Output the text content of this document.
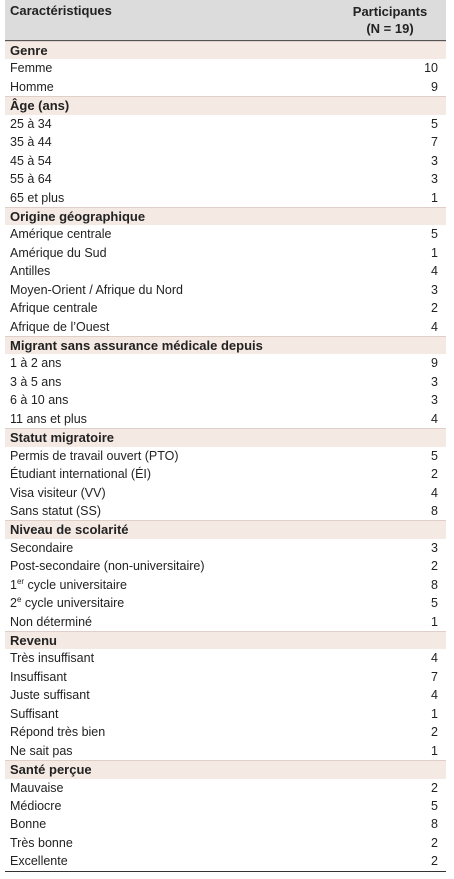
Caractéristiques	Participants
(N = 19)
Genre
Femme	10
Homme	9
Âge (ans)
25 à 34	5
35 à 44	7
45 à 54	3
55 à 64	3
65 et plus	1
Origine géographique
Amérique centrale	5
Amérique du Sud	1
Antilles	4
Moyen-Orient / Afrique du Nord	3
Afrique centrale	2
Afrique de l’Ouest	4
Migrant sans assurance médicale depuis
1 à 2 ans	9
3 à 5 ans	3
6 à 10 ans	3
11 ans et plus	4
Statut migratoire
Permis de travail ouvert (PTO)	5
Étudiant international (ÉI)	2
Visa visiteur (VV)	4
Sans statut (SS)	8
Niveau de scolarité
Secondaire	3
Post-secondaire (non-universitaire)	2
1er cycle universitaire	8
2e cycle universitaire	5
Non déterminé	1
Revenu
Très insuffisant	4
Insuffisant	7
Juste suffisant	4
Suffisant	1
Répond très bien	2
Ne sait pas	1
Santé perçue
Mauvaise	2
Médiocre	5
Bonne	8
Très bonne	2
Excellente	2
